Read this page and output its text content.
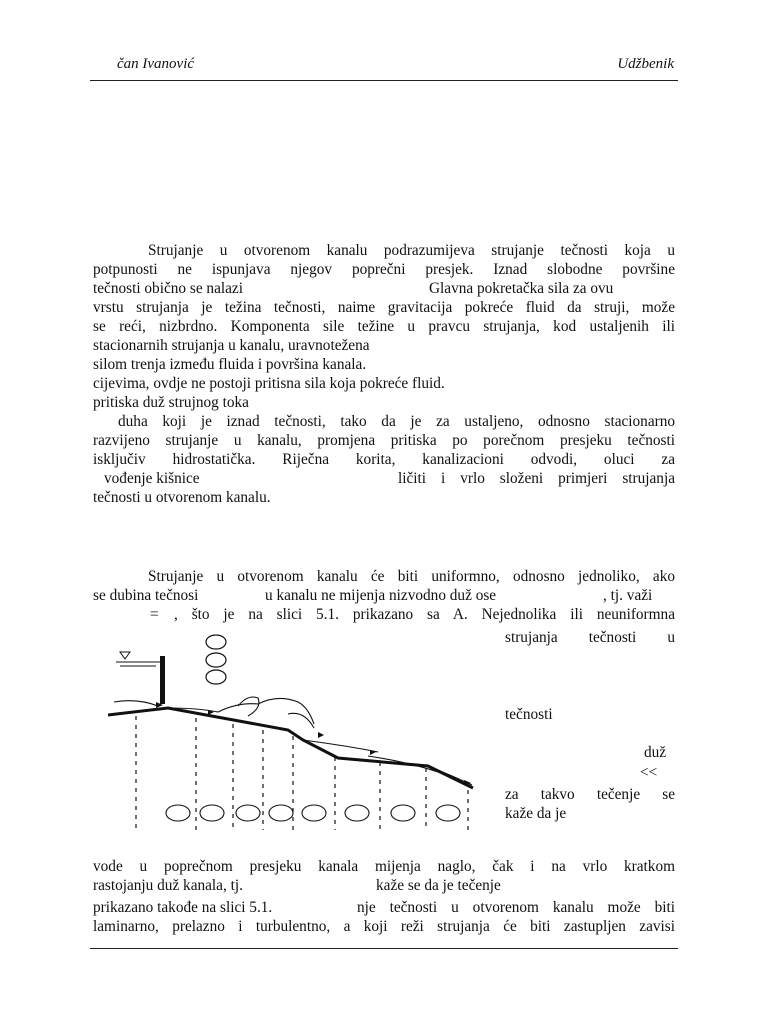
čan Ivanović	Udžbenik
Strujanje u otvorenom kanalu podrazumijeva strujanje tečnosti koja u
potpunosti ne ispunjava njegov poprečni presjek. Iznad slobodne površine
tečnosti obično se nalazi	Glavna pokretačka sila za ovu
vrstu strujanja je težina tečnosti, naime gravitacija pokreće fluid da struji, može
se reći, nizbrdno. Komponenta sile težine u pravcu strujanja, kod ustaljenih ili
stacionarnih strujanja u kanalu, uravnotežena
silom trenja između fluida i površina kanala.
cijevima, ovdje ne postoji pritisna sila koja pokreće fluid.
pritiska duž strujnog toka
duha koji je iznad tečnosti, tako da je za ustaljeno, odnosno stacionarno
razvijeno strujanje u kanalu, promjena pritiska po porečnom presjeku tečnosti
isključiv hidrostatička. Riječna korita, kanalizacioni odvodi, oluci za
vođenje kišnice	ličiti i vrlo složeni primjeri strujanja
tečnosti u otvorenom kanalu.
Strujanje u otvorenom kanalu će biti uniformno, odnosno jednoliko, ako
se dubina tečnosi	u kanalu ne mijenja nizvodno duž ose	, tj. važi
= , što je na slici 5.1. prikazano sa A. Nejednolika ili neuniformna
strujanja tečnosti u
tečnosti
duž
<<
za takvo tečenje se
kaže da je
vode u poprečnom presjeku kanala mijenja naglo, čak i na vrlo kratkom
rastojanju duž kanala, tj.	kaže se da je tečenje
prikazano takođe na slici 5.1.	nje tečnosti u otvorenom kanalu može biti
laminarno, prelazno i turbulentno, a koji reži strujanja će biti zastupljen zavisi
